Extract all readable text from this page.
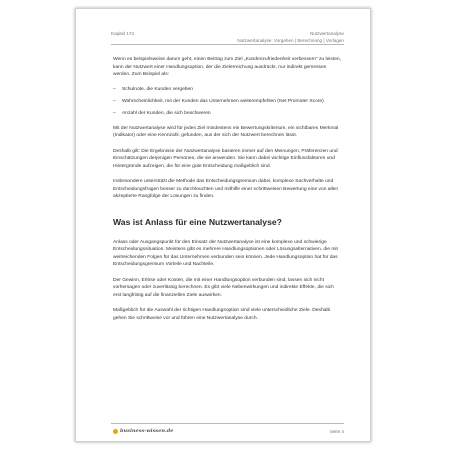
Kapitel 174	Nutzwertanalyse
Nutzwertanalyse: Vorgehen | Berechnung | Vorlagen

Wenn es beispielsweise darum geht, einen Beitrag zum Ziel „Kundenzufriedenheit verbessern“ zu leisten, kann der Nutzwert einer Handlungsoption, der die Zielerreichung ausdrückt, nur indirekt gemessen werden. Zum Beispiel als:

– Schulnote, die Kunden vergeben
– Wahrscheinlichkeit, mit der Kunden das Unternehmen weiterempfehlen (Net Promoter Score)
– Anzahl der Kunden, die sich beschweren

Mit der Nutzwertanalyse wird für jedes Ziel mindestens ein Bewertungskriterium, ein sichtbares Merkmal (Indikator) oder eine Kennzahl, gefunden, aus der sich der Nutzwert berechnen lässt.

Deshalb gilt: Die Ergebnisse der Nutzwertanalyse basieren immer auf den Meinungen, Präferenzen und Einschätzungen derjenigen Personen, die sie anwenden. Sie kann dabei wichtige Einflussfaktoren und Hintergründe aufzeigen, die für eine gute Entscheidung maßgeblich sind.

Insbesondere unterstützt die Methode das Entscheidungsgremium dabei, komplexe Sachverhalte und Entscheidungsfragen besser zu durchleuchten und mithilfe einer schrittweisen Bewertung eine von allen akzeptierte Rangfolge der Lösungen zu finden.

Was ist Anlass für eine Nutzwertanalyse?

Anlass oder Ausgangspunkt für den Einsatz der Nutzwertanalyse ist eine komplexe und schwierige Entscheidungssituation. Meistens gibt es mehrere Handlungsoptionen oder Lösungsalternativen, die mit weitreichenden Folgen für das Unternehmen verbunden sein können. Jede Handlungsoption hat für das Entscheidungsgremium Vorteile und Nachteile.

Der Gewinn, Erlöse oder Kosten, die mit einer Handlungsoption verbunden sind, lassen sich nicht vorhersagen oder zuverlässig berechnen. Es gibt viele Nebenwirkungen und indirekte Effekte, die sich erst langfristig auf die finanziellen Ziele auswirken.

Maßgeblich für die Auswahl der richtigen Handlungsoption sind viele unterschiedliche Ziele. Deshalb gehen Sie schrittweise vor und führen eine Nutzwertanalyse durch.

business-wissen.de	Seite 4
